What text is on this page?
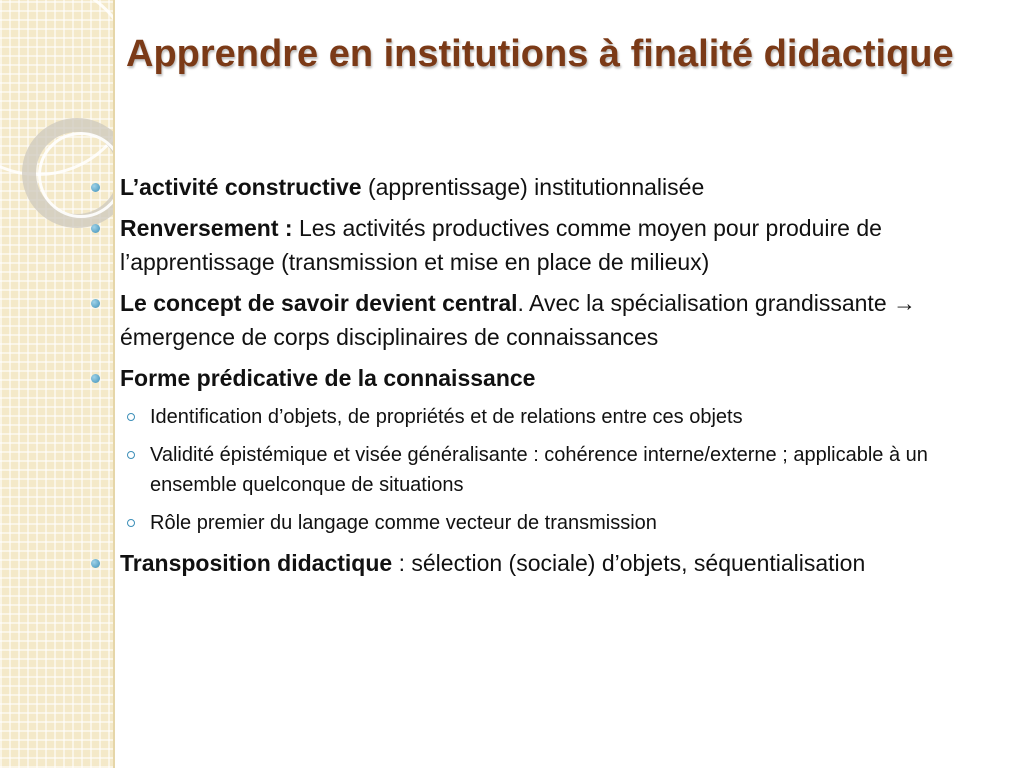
Apprendre en institutions à finalité didactique
L’activité constructive (apprentissage) institutionnalisée
Renversement : Les activités productives comme moyen pour produire de l’apprentissage (transmission et mise en place de milieux)
Le concept de savoir devient central. Avec la spécialisation grandissante → émergence de corps disciplinaires de connaissances
Forme prédicative de la connaissance
Identification d’objets, de propriétés et de relations entre ces objets
Validité épistémique et visée généralisante : cohérence interne/externe ; applicable à un ensemble quelconque de situations
Rôle premier du langage comme vecteur de transmission
Transposition didactique : sélection (sociale) d’objets, séquentialisation
